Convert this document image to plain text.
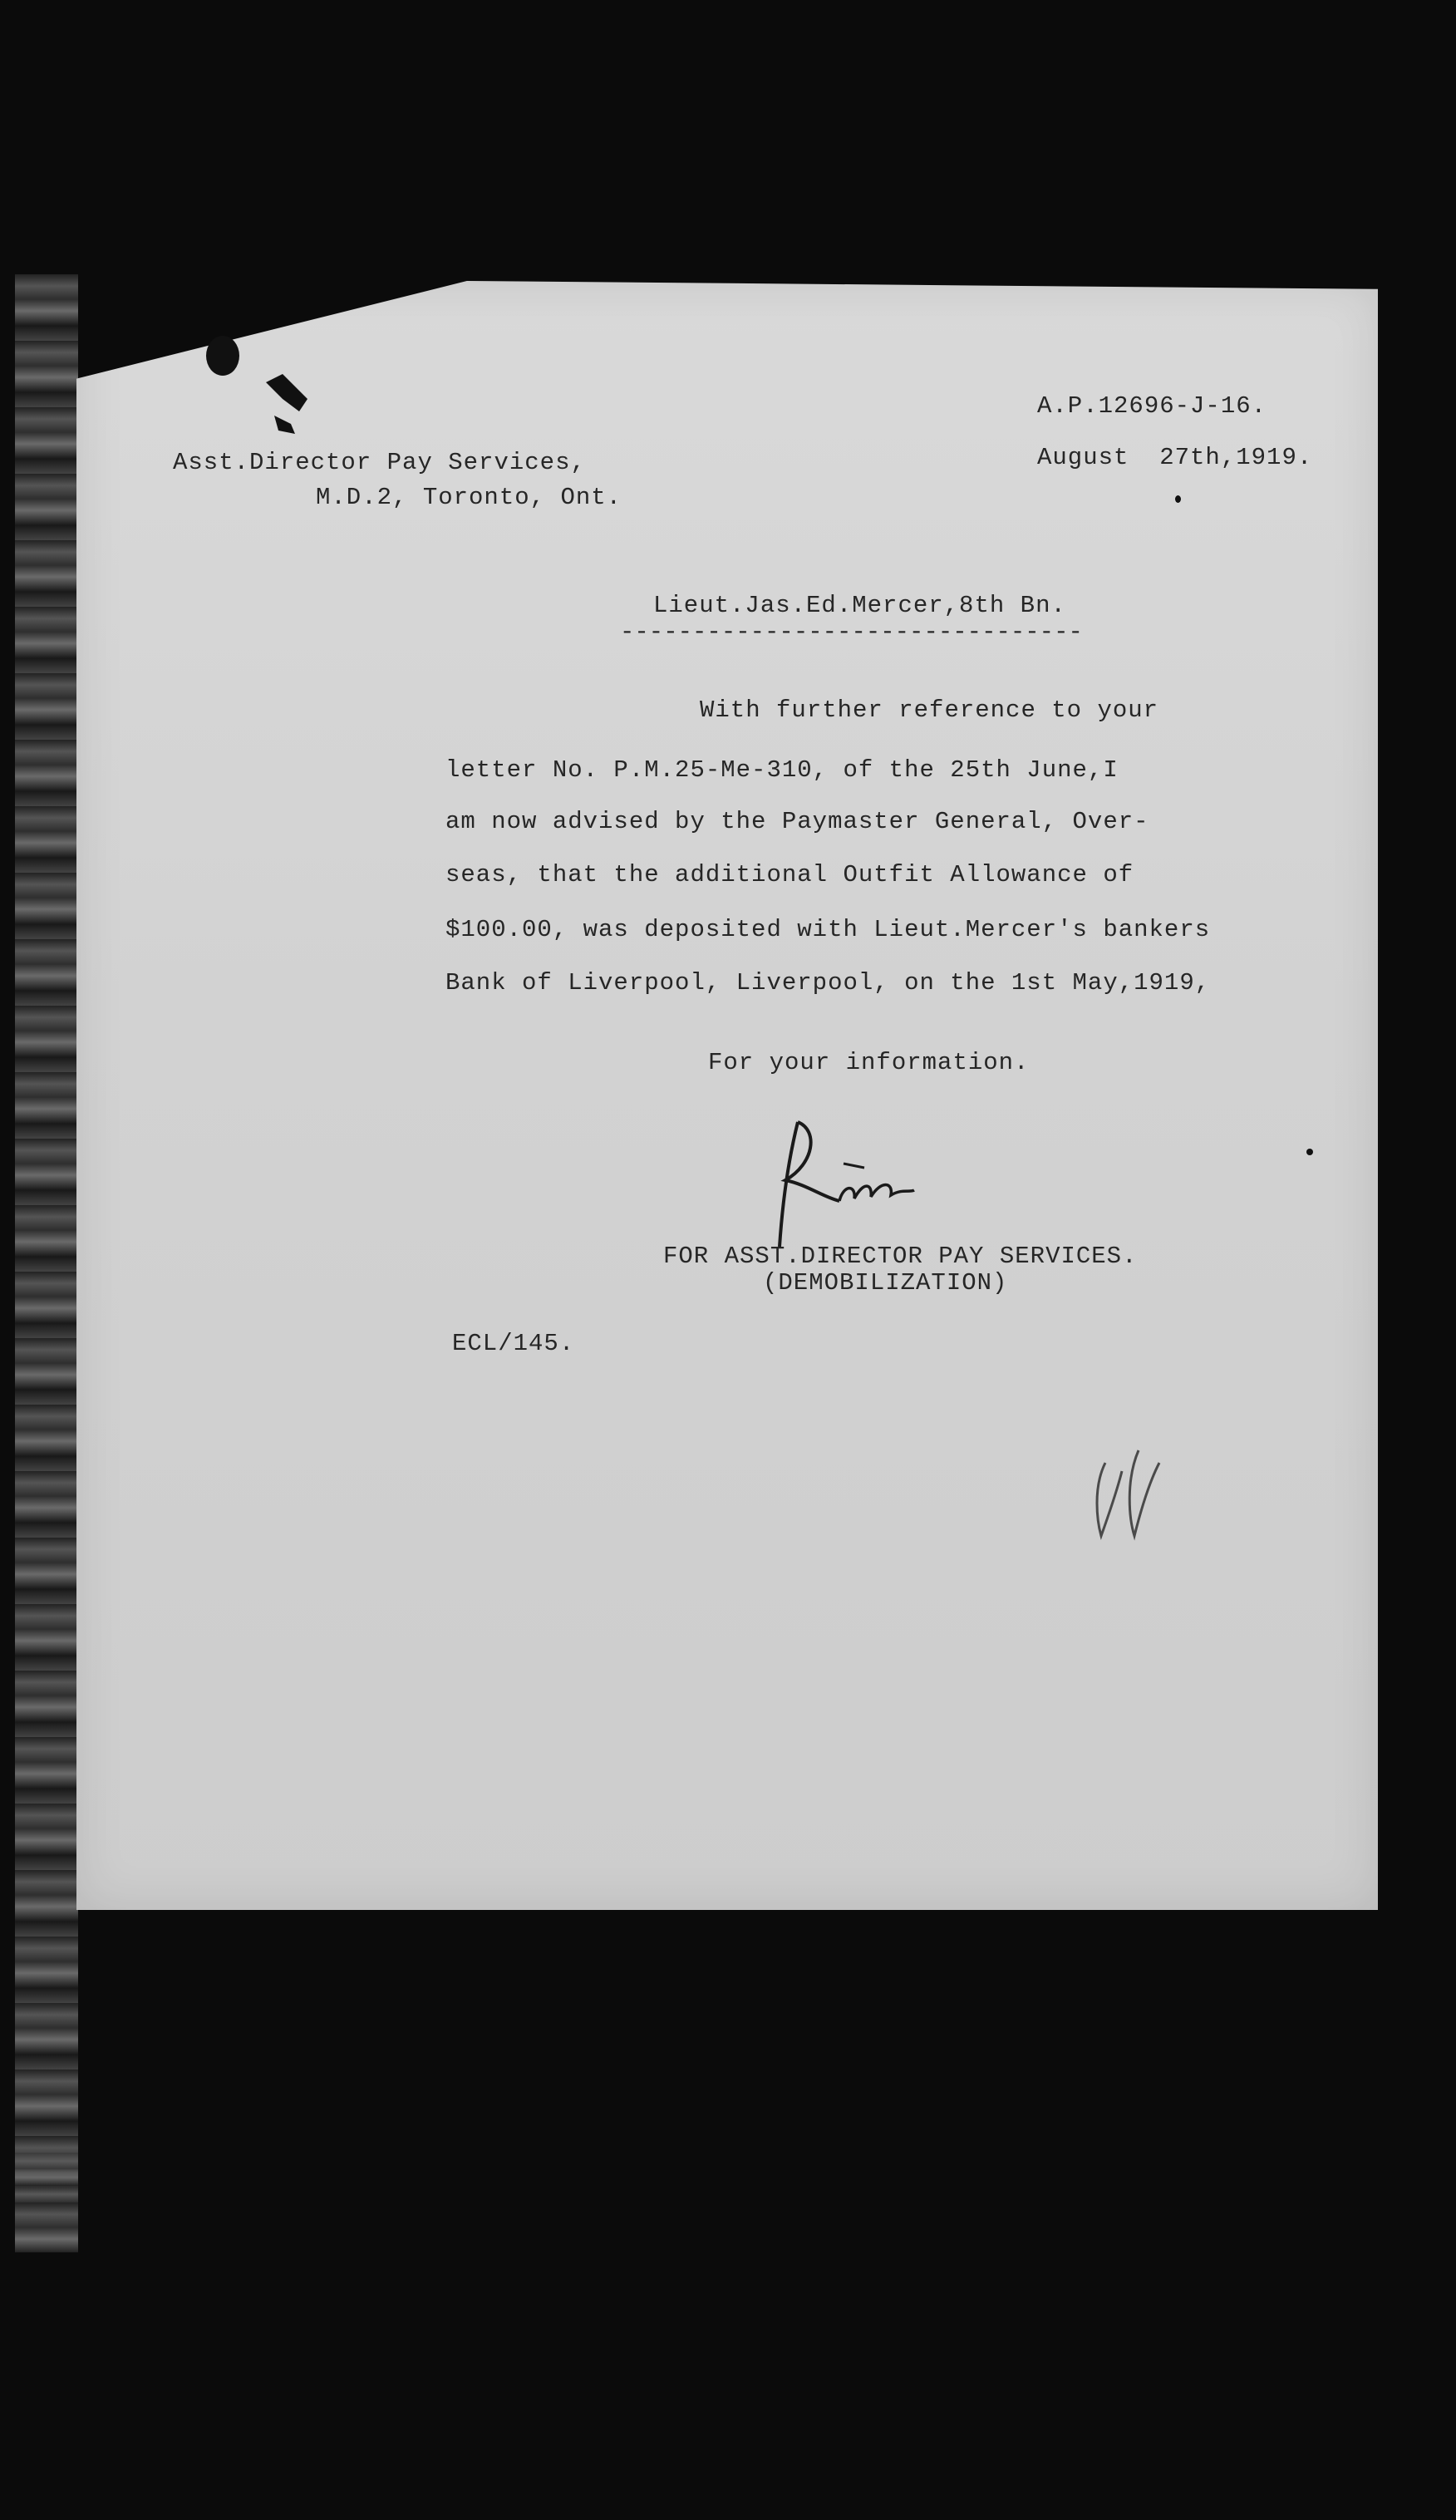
A.P.12696-J-16.
August  27th,1919.
Asst.Director Pay Services,
M.D.2, Toronto, Ont.
Lieut.Jas.Ed.Mercer,8th Bn.
--------------------------------
With further reference to your
letter No. P.M.25-Me-310, of the 25th June,I
am now advised by the Paymaster General, Over-
seas, that the additional Outfit Allowance of
$100.00, was deposited with Lieut.Mercer's bankers
Bank of Liverpool, Liverpool, on the 1st May,1919,
For your information.
FOR ASST.DIRECTOR PAY SERVICES.
(DEMOBILIZATION)
ECL/145.
